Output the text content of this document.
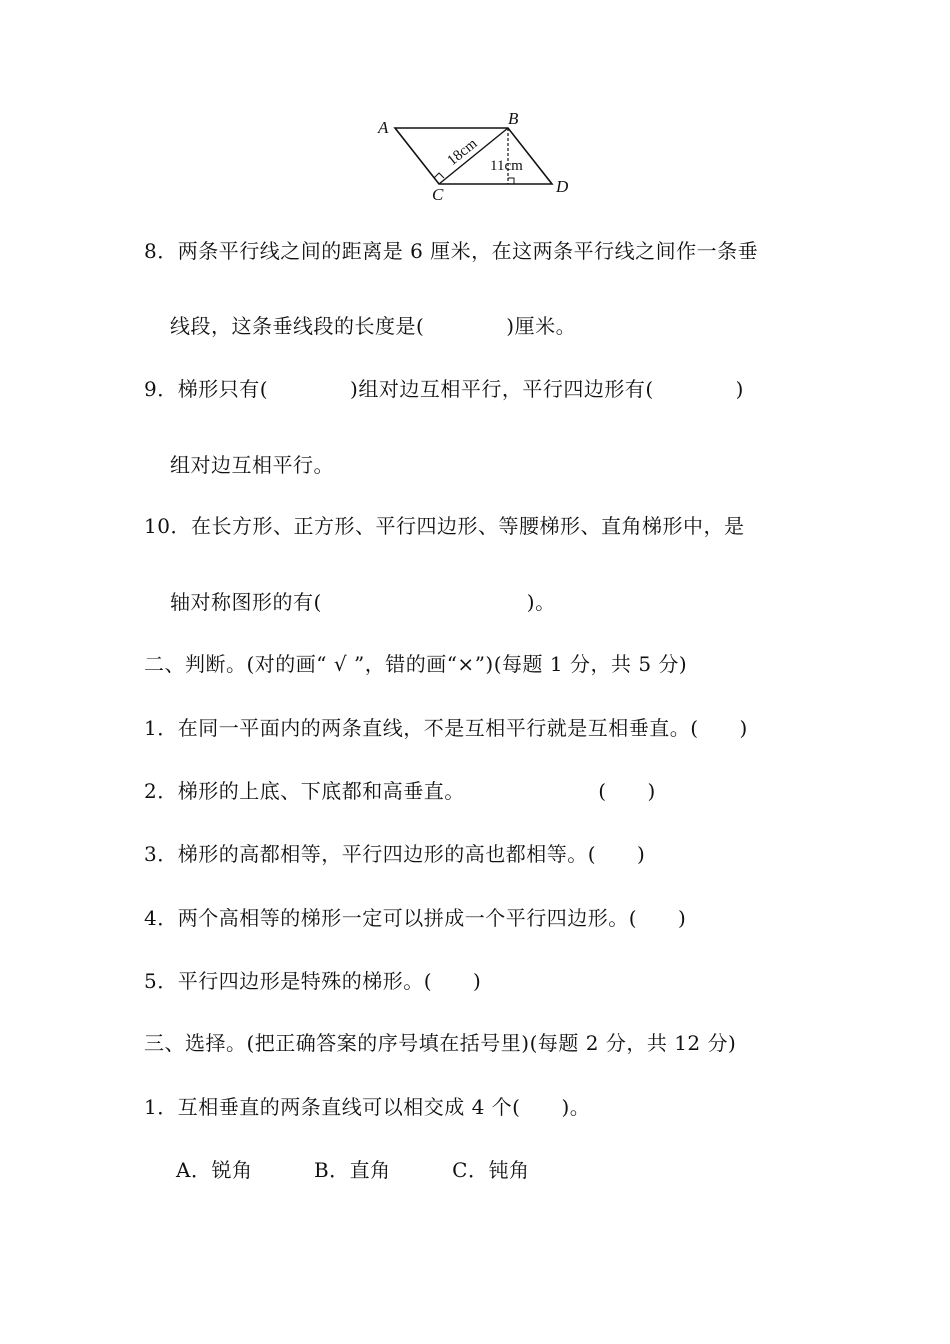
A	B
C	D
18cm 11cm
8．两条平行线之间的距离是 6 厘米，在这两条平行线之间作一条垂
线段，这条垂线段的长度是(　　　　)厘米。
9．梯形只有(　　　　)组对边互相平行，平行四边形有(　　　　)
组对边互相平行。
10．在长方形、正方形、平行四边形、等腰梯形、直角梯形中，是
轴对称图形的有(　　　　　　　　　　)。
二、判断。(对的画“ √ ”，错的画“×”)(每题 1 分，共 5 分)
1．在同一平面内的两条直线，不是互相平行就是互相垂直。(　　)
2．梯形的上底、下底都和高垂直。　　　　　　　(　　)
3．梯形的高都相等，平行四边形的高也都相等。(　　)
4．两个高相等的梯形一定可以拼成一个平行四边形。(　　)
5．平行四边形是特殊的梯形。(　　)
三、选择。(把正确答案的序号填在括号里)(每题 2 分，共 12 分)
1．互相垂直的两条直线可以相交成 4 个(　　)。
A．锐角　　　B．直角　　　C．钝角
